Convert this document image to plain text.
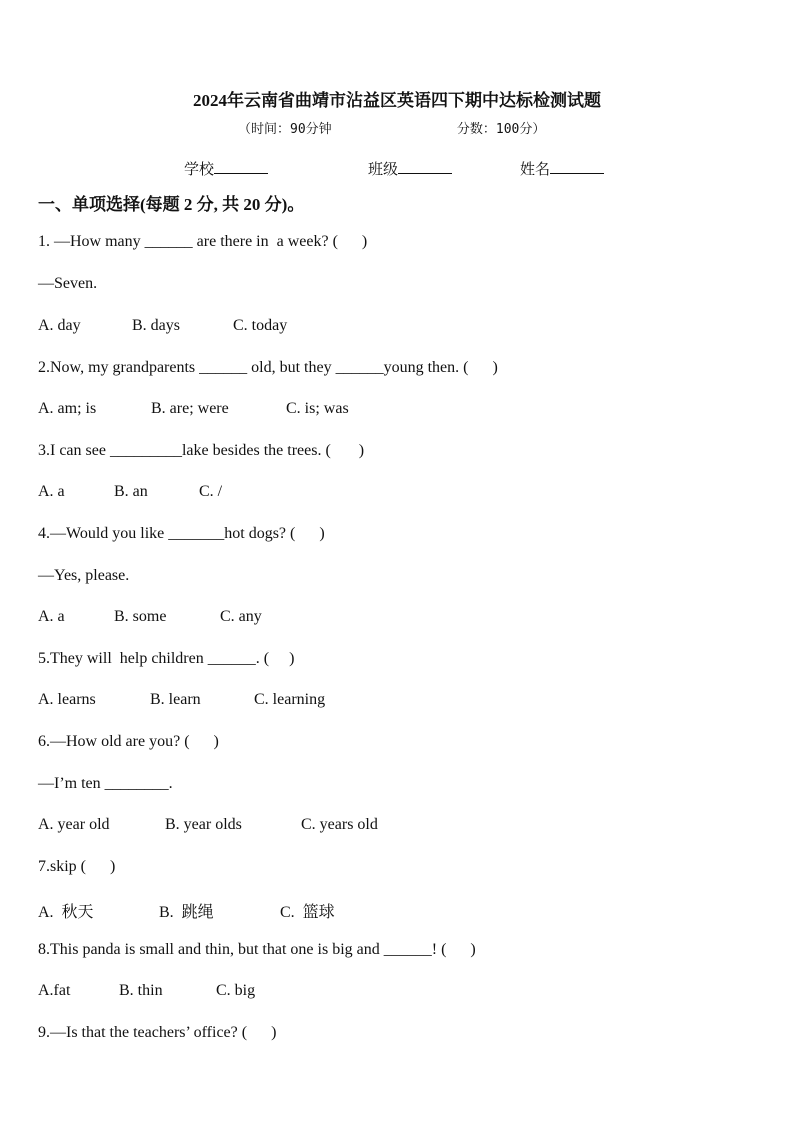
2024年云南省曲靖市沾益区英语四下期中达标检测试题
（时间：90分钟                分数：100分）
学校	班级	姓名
一、单项选择(每题 2 分, 共 20 分)。
1. —How many ______ are there in  a week? (      )
—Seven.
A. day	B. days	C. today
2.Now, my grandparents ______ old, but they ______young then. (      )
A. am; is	B. are; were	C. is; was
3.I can see _________lake besides the trees. (       )
A. a	B. an	C. /
4.—Would you like _______hot dogs? (      )
—Yes, please.
A. a	B. some	C. any
5.They will  help children ______. (     )
A. learns	B. learn	C. learning
6.—How old are you? (      )
—I’m ten ________.
A. year old	B. year olds	C. years old
7.skip (      )
A.  秋天	B.  跳绳	C.  篮球
8.This panda is small and thin, but that one is big and ______! (      )
A.fat	B. thin	C. big
9.—Is that the teachers’ office? (      )
